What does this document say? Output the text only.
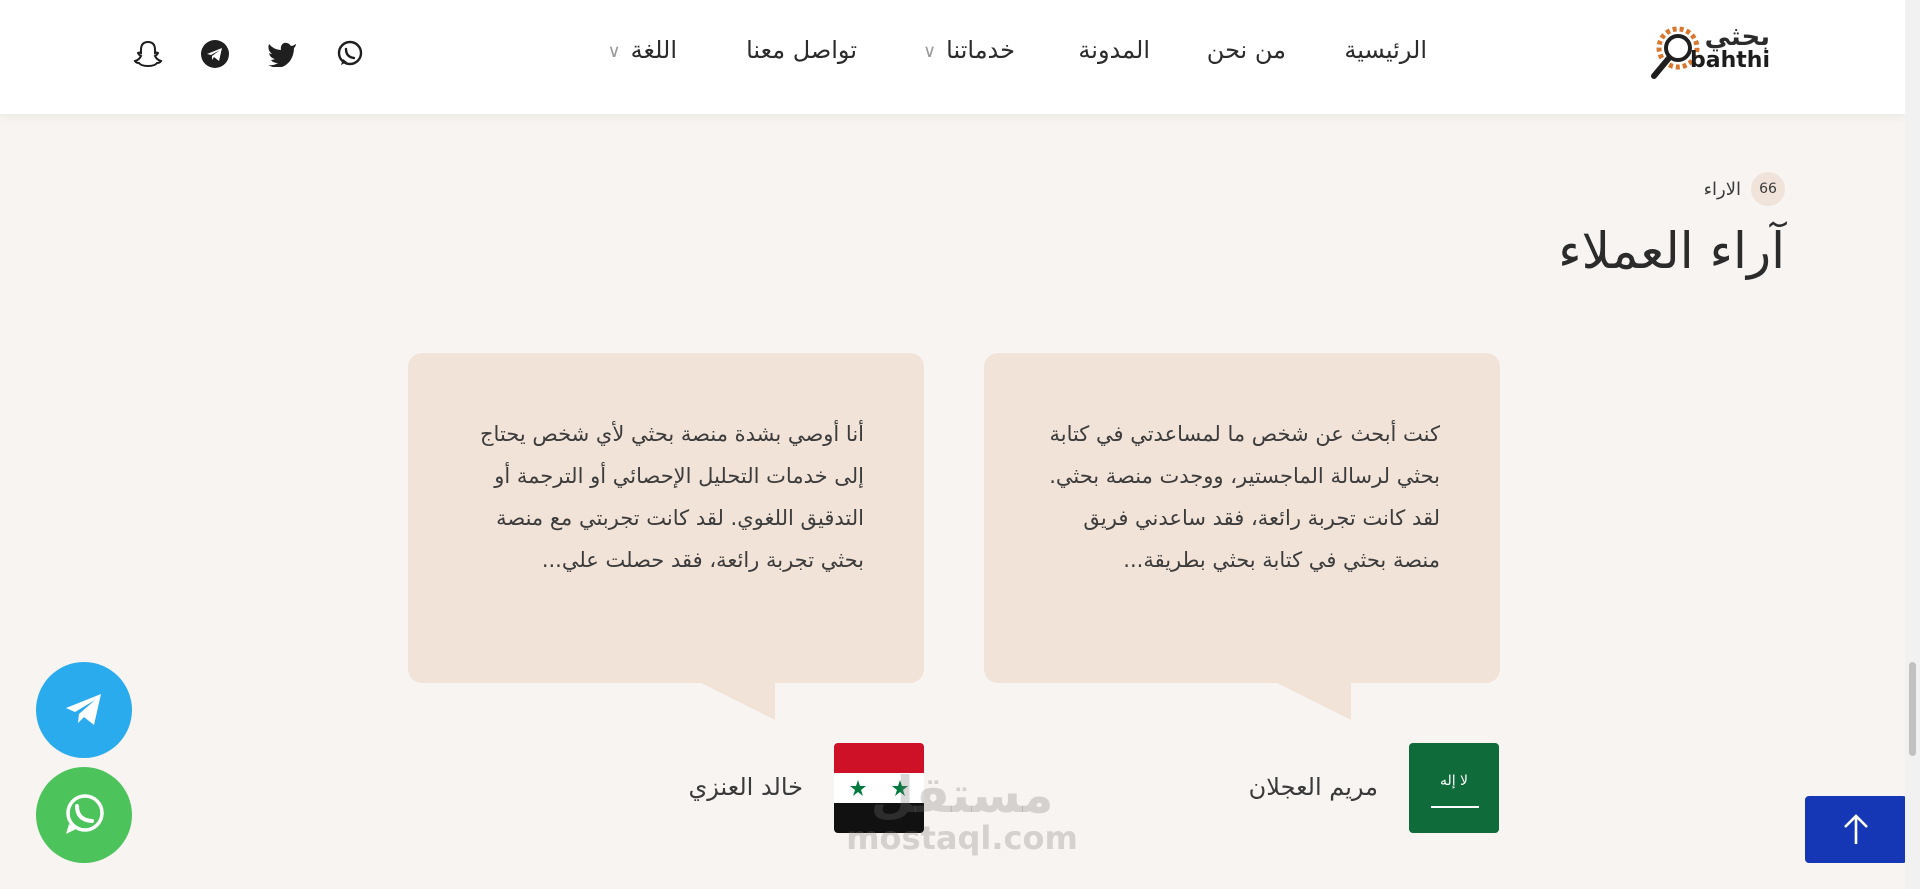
بحثي
bahthi
الرئيسية
من نحن
المدونة
خدماتنا∨
تواصل معنا
اللغة∨
66
الاراء
آراء العملاء
كنت أبحث عن شخص ما لمساعدتي في كتابة بحثي لرسالة الماجستير، ووجدت منصة بحثي. لقد كانت تجربة رائعة، فقد ساعدني فريق منصة بحثي في كتابة بحثي بطريقة...
لا إله
مريم العجلان
أنا أوصي بشدة منصة بحثي لأي شخص يحتاج إلى خدمات التحليل الإحصائي أو الترجمة أو التدقيق اللغوي. لقد كانت تجربتي مع منصة بحثي تجربة رائعة، فقد حصلت علي...
خالد العنزي	مستقل
mostaql.com
